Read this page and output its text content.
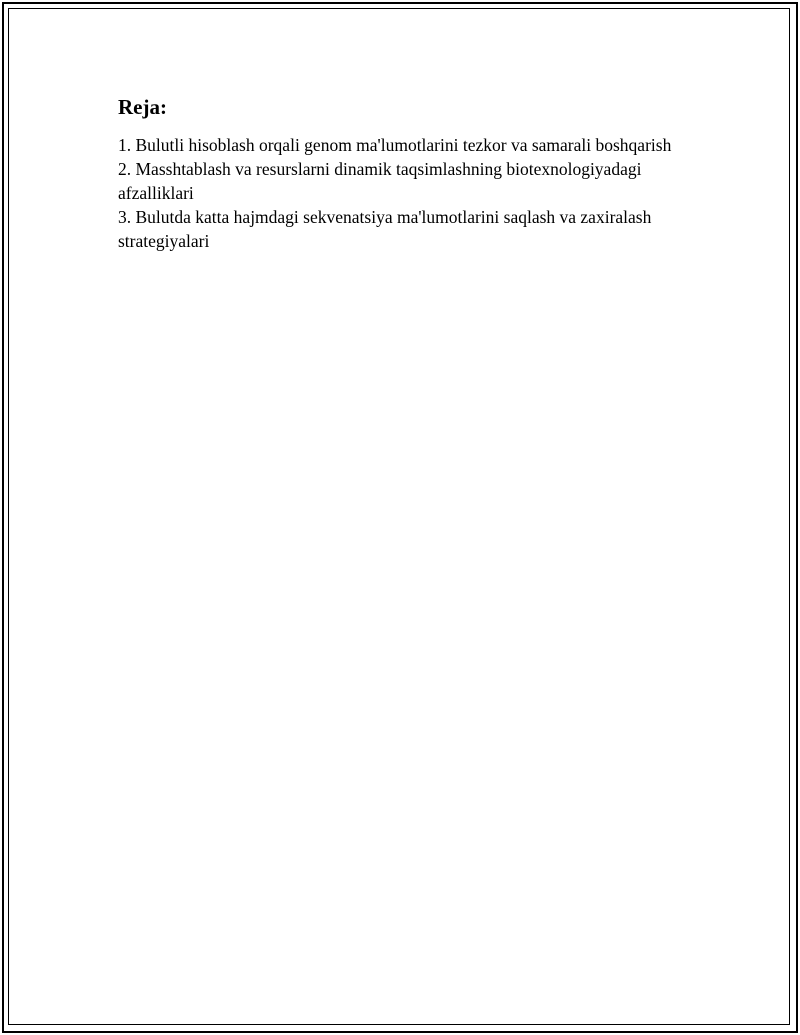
Reja:
1. Bulutli hisoblash orqali genom ma'lumotlarini tezkor va samarali boshqarish
2. Masshtablash va resurslarni dinamik taqsimlashning biotexnologiyadagi afzalliklari
3. Bulutda katta hajmdagi sekvenatsiya ma'lumotlarini saqlash va zaxiralash strategiyalari
